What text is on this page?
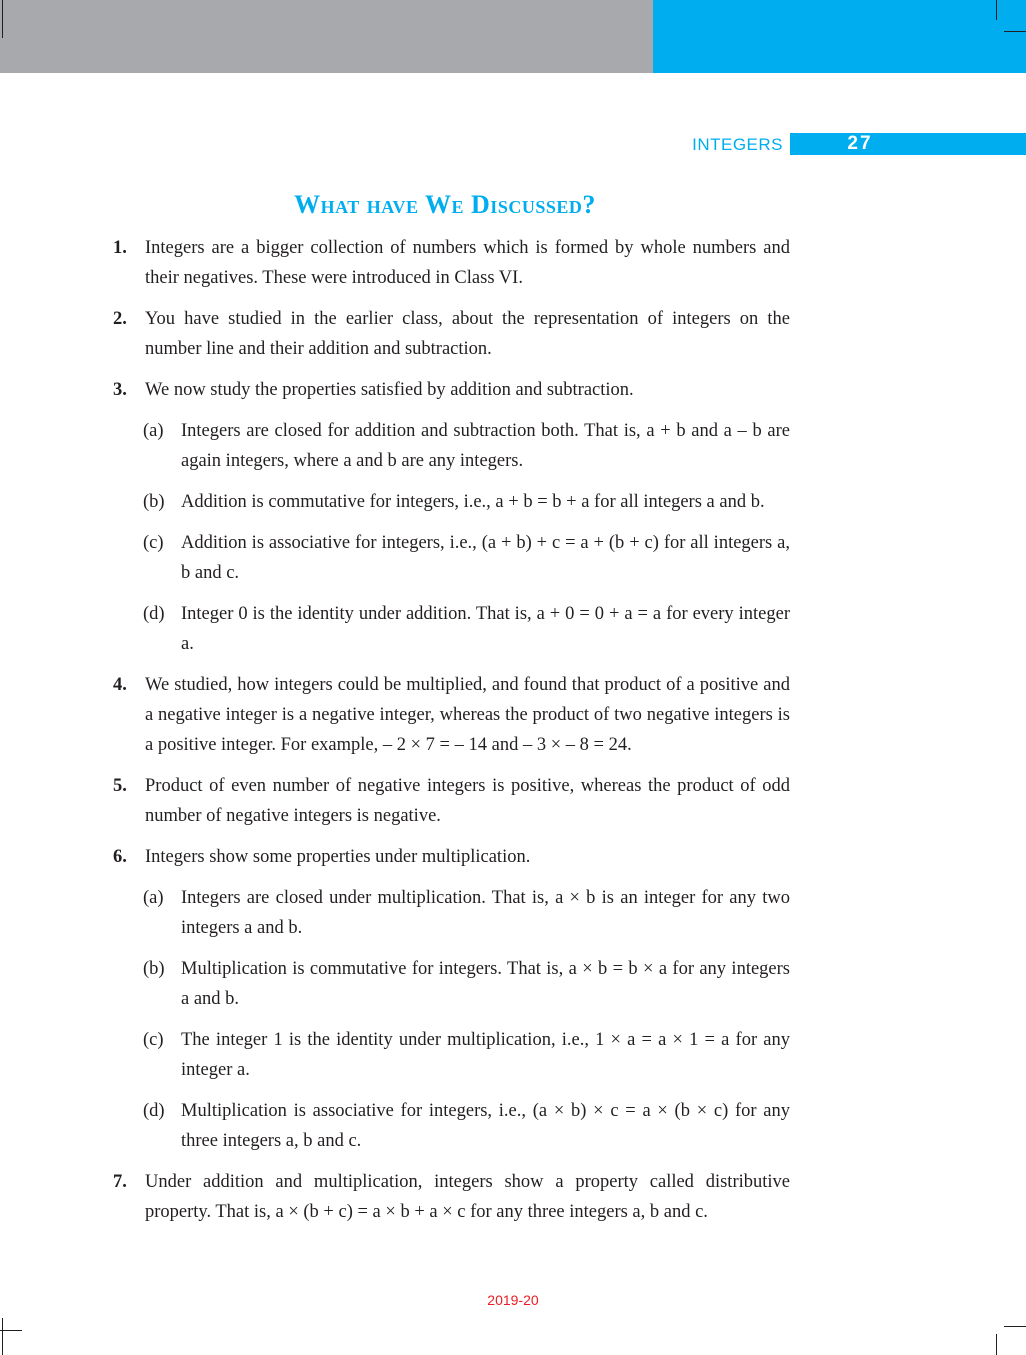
INTEGERS	27
What have We Discussed?
1. Integers are a bigger collection of numbers which is formed by whole numbers and their negatives. These were introduced in Class VI.
2. You have studied in the earlier class, about the representation of integers on the number line and their addition and subtraction.
3. We now study the properties satisfied by addition and subtraction.
(a) Integers are closed for addition and subtraction both. That is, a + b and a – b are again integers, where a and b are any integers.
(b) Addition is commutative for integers, i.e., a + b = b + a for all integers a and b.
(c) Addition is associative for integers, i.e., (a + b) + c = a + (b + c) for all integers a, b and c.
(d) Integer 0 is the identity under addition. That is, a + 0 = 0 + a = a for every integer a.
4. We studied, how integers could be multiplied, and found that product of a positive and a negative integer is a negative integer, whereas the product of two negative integers is a positive integer. For example, – 2 × 7 = – 14 and – 3 × – 8 = 24.
5. Product of even number of negative integers is positive, whereas the product of odd number of negative integers is negative.
6. Integers show some properties under multiplication.
(a) Integers are closed under multiplication. That is, a × b is an integer for any two integers a and b.
(b) Multiplication is commutative for integers. That is, a × b = b × a for any integers a and b.
(c) The integer 1 is the identity under multiplication, i.e., 1 × a = a × 1 = a for any integer a.
(d) Multiplication is associative for integers, i.e., (a × b) × c = a × (b × c) for any three integers a, b and c.
7. Under addition and multiplication, integers show a property called distributive property. That is, a × (b + c) = a × b + a × c for any three integers a, b and c.
2019-20
